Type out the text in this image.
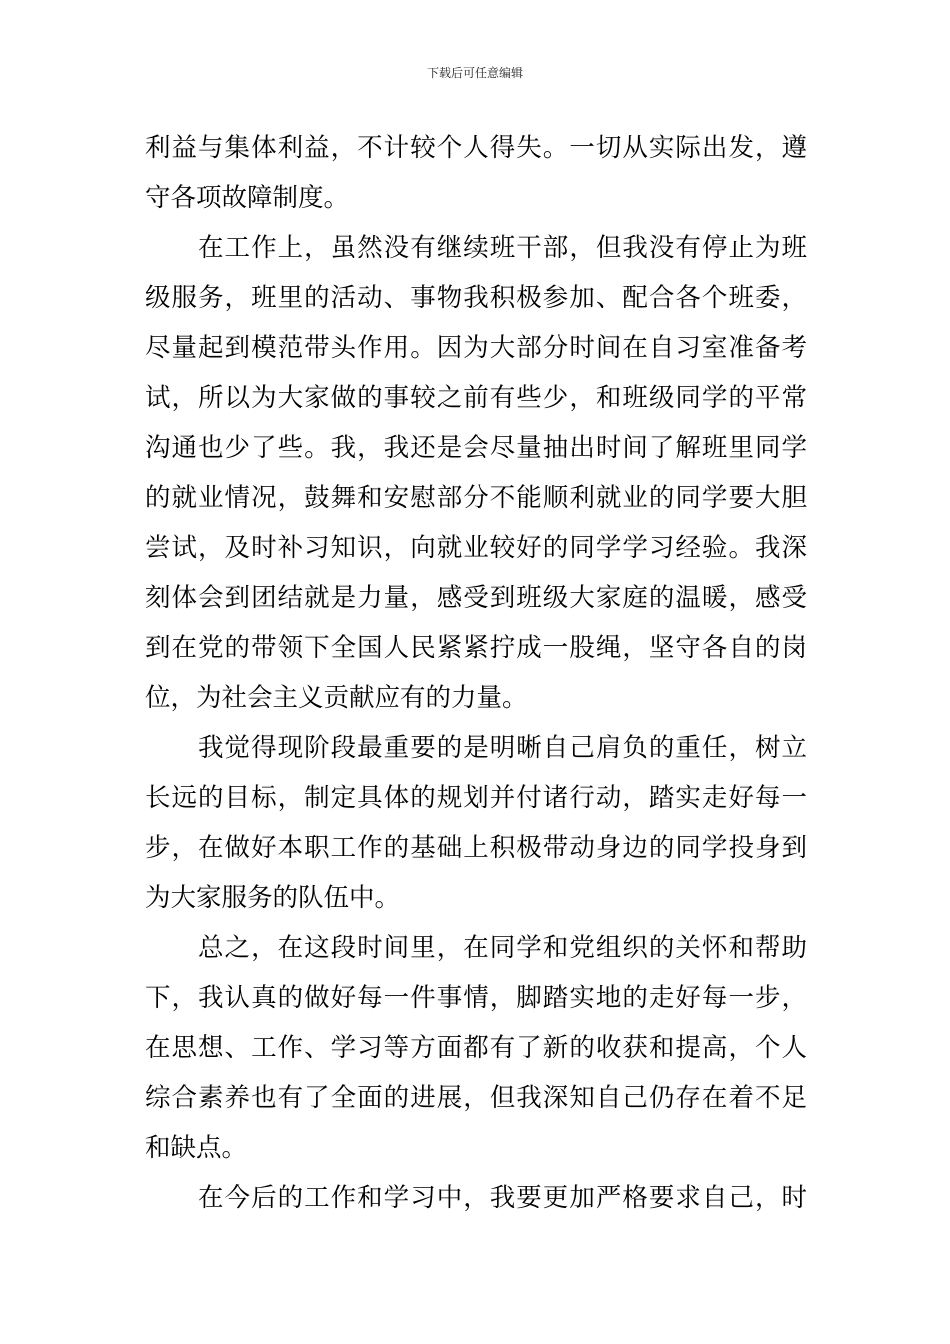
下载后可任意编辑
利益与集体利益，不计较个人得失。一切从实际出发，遵
守各项故障制度。
　　在工作上，虽然没有继续班干部，但我没有停止为班
级服务，班里的活动、事物我积极参加、配合各个班委，
尽量起到模范带头作用。因为大部分时间在自习室准备考
试，所以为大家做的事较之前有些少，和班级同学的平常
沟通也少了些。我，我还是会尽量抽出时间了解班里同学
的就业情况，鼓舞和安慰部分不能顺利就业的同学要大胆
尝试，及时补习知识，向就业较好的同学学习经验。我深
刻体会到团结就是力量，感受到班级大家庭的温暖，感受
到在党的带领下全国人民紧紧拧成一股绳，坚守各自的岗
位，为社会主义贡献应有的力量。
　　我觉得现阶段最重要的是明晰自己肩负的重任，树立
长远的目标，制定具体的规划并付诸行动，踏实走好每一
步，在做好本职工作的基础上积极带动身边的同学投身到
为大家服务的队伍中。
　　总之，在这段时间里，在同学和党组织的关怀和帮助
下，我认真的做好每一件事情，脚踏实地的走好每一步，
在思想、工作、学习等方面都有了新的收获和提高，个人
综合素养也有了全面的进展，但我深知自己仍存在着不足
和缺点。
　　在今后的工作和学习中，我要更加严格要求自己，时
